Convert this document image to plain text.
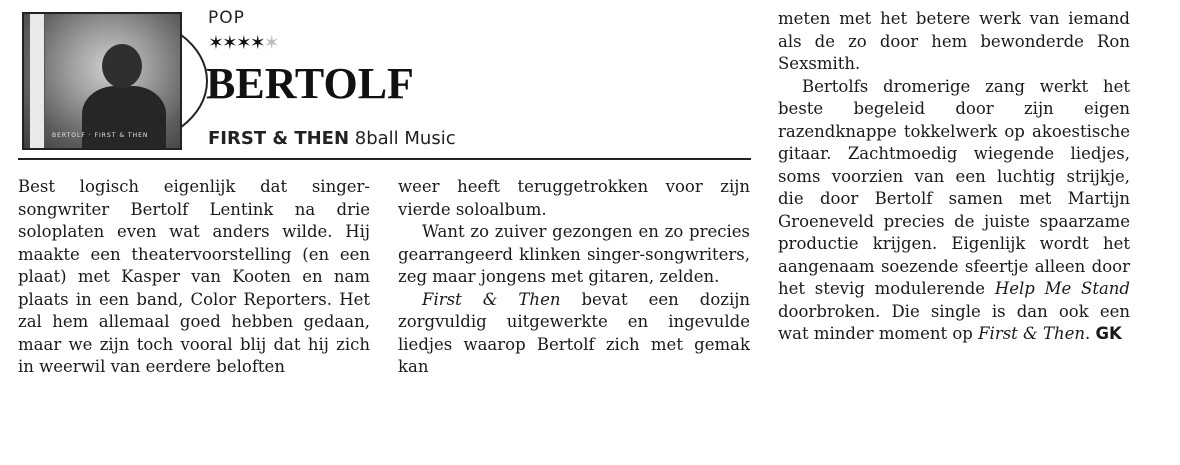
BERTOLF · FIRST & THEN
POP
✶✶✶✶✶
BERTOLF
FIRST & THEN 8ball Music

Best logisch eigenlijk dat singer-songwriter Bertolf Lentink na drie soloplaten even wat anders wilde. Hij maakte een theatervoorstelling (en een plaat) met Kasper van Kooten en nam plaats in een band, Color Reporters. Het zal hem allemaal goed hebben gedaan, maar we zijn toch vooral blij dat hij zich in weerwil van eerdere beloften

weer heeft teruggetrokken voor zijn vierde soloalbum.

Want zo zuiver gezongen en zo precies gearrangeerd klinken singer-songwriters, zeg maar jongens met gitaren, zelden.

First & Then bevat een dozijn zorgvuldig uitgewerkte en ingevulde liedjes waarop Bertolf zich met gemak kan

meten met het betere werk van iemand als de zo door hem bewonderde Ron Sexsmith.

Bertolfs dromerige zang werkt het beste begeleid door zijn eigen razendknappe tokkelwerk op akoestische gitaar. Zachtmoedig wiegende liedjes, soms voorzien van een luchtig strijkje, die door Bertolf samen met Martijn Groeneveld precies de juiste spaarzame productie krijgen. Eigenlijk wordt het aangenaam soezende sfeertje alleen door het stevig modulerende Help Me Stand doorbroken. Die single is dan ook een wat minder moment op First & Then. GK
